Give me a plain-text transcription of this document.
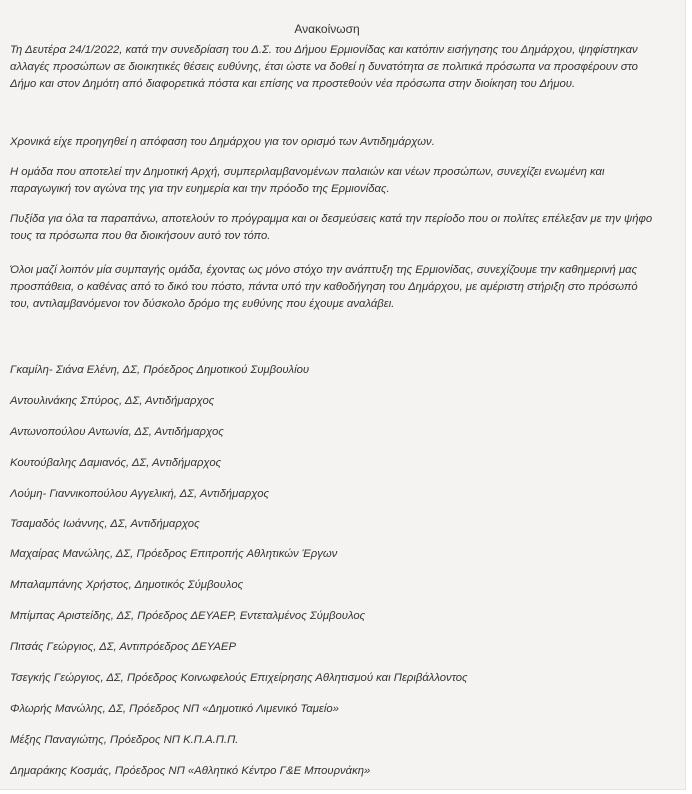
Ανακοίνωση

Τη Δευτέρα 24/1/2022, κατά την συνεδρίαση του Δ.Σ. του Δήμου Ερμιονίδας και κατόπιν εισήγησης του Δημάρχου, ψηφίστηκαν αλλαγές προσώπων σε διοικητικές θέσεις ευθύνης, έτσι ώστε να δοθεί η δυνατότητα σε πολιτικά πρόσωπα να προσφέρουν στο Δήμο και στον Δημότη από διαφορετικά πόστα και επίσης να προστεθούν νέα πρόσωπα στην διοίκηση του Δήμου.

Χρονικά είχε προηγηθεί η απόφαση του Δημάρχου για τον ορισμό των Αντιδημάρχων.

Η ομάδα που αποτελεί την Δημοτική Αρχή, συμπεριλαμβανομένων παλαιών και νέων προσώπων, συνεχίζει ενωμένη και παραγωγική τον αγώνα της για την ευημερία και την πρόοδο της Ερμιονίδας.

Πυξίδα για όλα τα παραπάνω, αποτελούν το πρόγραμμα και οι δεσμεύσεις κατά την περίοδο που οι πολίτες επέλεξαν με την ψήφο τους τα πρόσωπα που θα διοικήσουν αυτό τον τόπο.

Όλοι μαζί λοιπόν μία συμπαγής ομάδα, έχοντας ως μόνο στόχο την ανάπτυξη της Ερμιονίδας, συνεχίζουμε την καθημερινή μας προσπάθεια, ο καθένας από το δικό του πόστο, πάντα υπό την καθοδήγηση του Δημάρχου, με αμέριστη στήριξη στο πρόσωπό του, αντιλαμβανόμενοι τον δύσκολο δρόμο της ευθύνης που έχουμε αναλάβει.

Γκαμίλη- Σιάνα Ελένη, ΔΣ, Πρόεδρος Δημοτικού Συμβουλίου

Αντουλινάκης Σπύρος, ΔΣ, Αντιδήμαρχος

Αντωνοπούλου Αντωνία, ΔΣ, Αντιδήμαρχος

Κουτούβαλης Δαμιανός, ΔΣ, Αντιδήμαρχος

Λούμη- Γιαννικοπούλου Αγγελική, ΔΣ, Αντιδήμαρχος

Τσαμαδός Ιωάννης, ΔΣ, Αντιδήμαρχος

Μαχαίρας Μανώλης, ΔΣ, Πρόεδρος Επιτροπής Αθλητικών Έργων

Μπαλαμπάνης Χρήστος, Δημοτικός Σύμβουλος

Μπίμπας Αριστείδης, ΔΣ, Πρόεδρος ΔΕΥΑΕΡ, Εντεταλμένος Σύμβουλος

Πιτσάς Γεώργιος, ΔΣ, Αντιπρόεδρος ΔΕΥΑΕΡ

Τσεγκής Γεώργιος, ΔΣ, Πρόεδρος Κοινωφελούς Επιχείρησης Αθλητισμού και Περιβάλλοντος

Φλωρής Μανώλης, ΔΣ, Πρόεδρος ΝΠ «Δημοτικό Λιμενικό Ταμείο»

Μέξης Παναγιώτης, Πρόεδρος ΝΠ Κ.Π.Α.Π.Π.

Δημαράκης Κοσμάς, Πρόεδρος ΝΠ «Αθλητικό Κέντρο Γ&Ε Μπουρνάκη»
